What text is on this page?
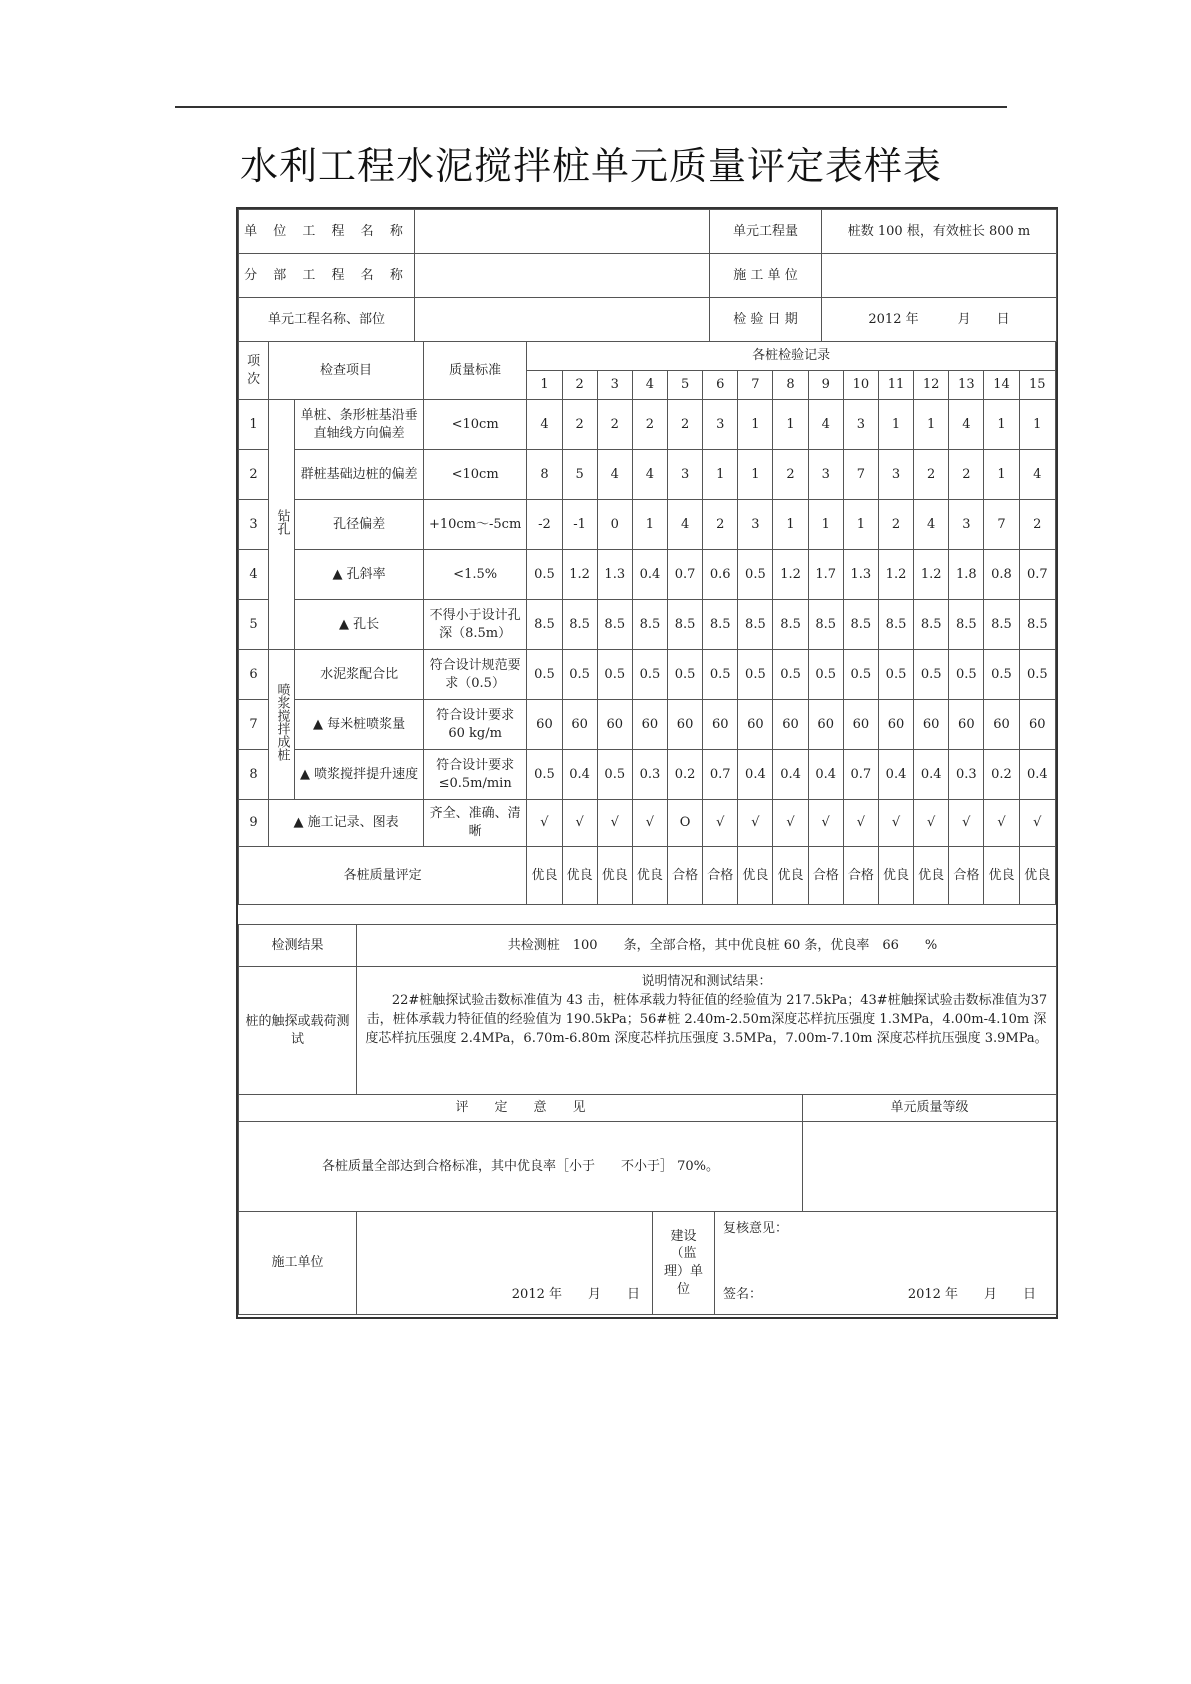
水利工程水泥搅拌桩单元质量评定表样表
单 位 工 程 名 称		单元工程量	桩数 100 根，有效桩长 800 m
分 部 工 程 名 称		施 工 单 位	
单元工程名称、部位		检 验 日 期	2012 年　　　月　　日
项次	检查项目		质量标准	各桩检验记录														
				1	2	3	4	5	6	7	8	9	10	11	12	13	14	15
1	钻孔	单桩、条形桩基沿垂直轴线方向偏差	<10cm	4	2	2	2	2	3	1	1	4	3	1	1	4	1	1
2		群桩基础边桩的偏差	<10cm	8	5	4	4	3	1	1	2	3	7	3	2	2	1	4
3		孔径偏差	+10cm～-5cm	-2	-1	0	1	4	2	3	1	1	1	2	4	3	7	2
4		▲ 孔斜率	<1.5%	0.5	1.2	1.3	0.4	0.7	0.6	0.5	1.2	1.7	1.3	1.2	1.2	1.8	0.8	0.7
5		▲ 孔长	不得小于设计孔深（8.5m）	8.5	8.5	8.5	8.5	8.5	8.5	8.5	8.5	8.5	8.5	8.5	8.5	8.5	8.5	8.5
6	喷浆搅拌成桩	水泥浆配合比	符合设计规范要求（0.5）	0.5	0.5	0.5	0.5	0.5	0.5	0.5	0.5	0.5	0.5	0.5	0.5	0.5	0.5	0.5
7		▲ 每米桩喷浆量	符合设计要求 60 kg/m	60	60	60	60	60	60	60	60	60	60	60	60	60	60	60
8		▲ 喷浆搅拌提升速度	符合设计要求 ≤0.5m/min	0.5	0.4	0.5	0.3	0.2	0.7	0.4	0.4	0.4	0.7	0.4	0.4	0.3	0.2	0.4
9	▲ 施工记录、图表		齐全、准确、清晰	√	√	√	√	O	√	√	√	√	√	√	√	√	√	√
各桩质量评定				优良	优良	优良	优良	合格	合格	优良	优良	合格	合格	优良	优良	合格	优良	优良
检测结果	共检测桩　100　　条，全部合格，其中优良桩 60 条，优良率　66　　%			
桩的触探或载荷测试	说明情况和测试结果：
22#桩触探试验击数标准值为 43 击，桩体承载力特征值的经验值为 217.5kPa；43#桩触探试验击数标准值为37 击，桩体承载力特征值的经验值为 190.5kPa；56#桩 2.40m-2.50m深度芯样抗压强度 1.3MPa，4.00m-4.10m 深度芯样抗压强度 2.4MPa，6.70m-6.80m 深度芯样抗压强度 3.5MPa，7.00m-7.10m 深度芯样抗压强度 3.9MPa。			

评　　定　　意　　见				单元质量等级
各桩质量全部达到合格标准，其中优良率［小于　　不小于］ 70%。				
施工单位	2012 年　　月　　日	建设（监理）单位	复核意见：
签名： 2012 年　　月　　日	
